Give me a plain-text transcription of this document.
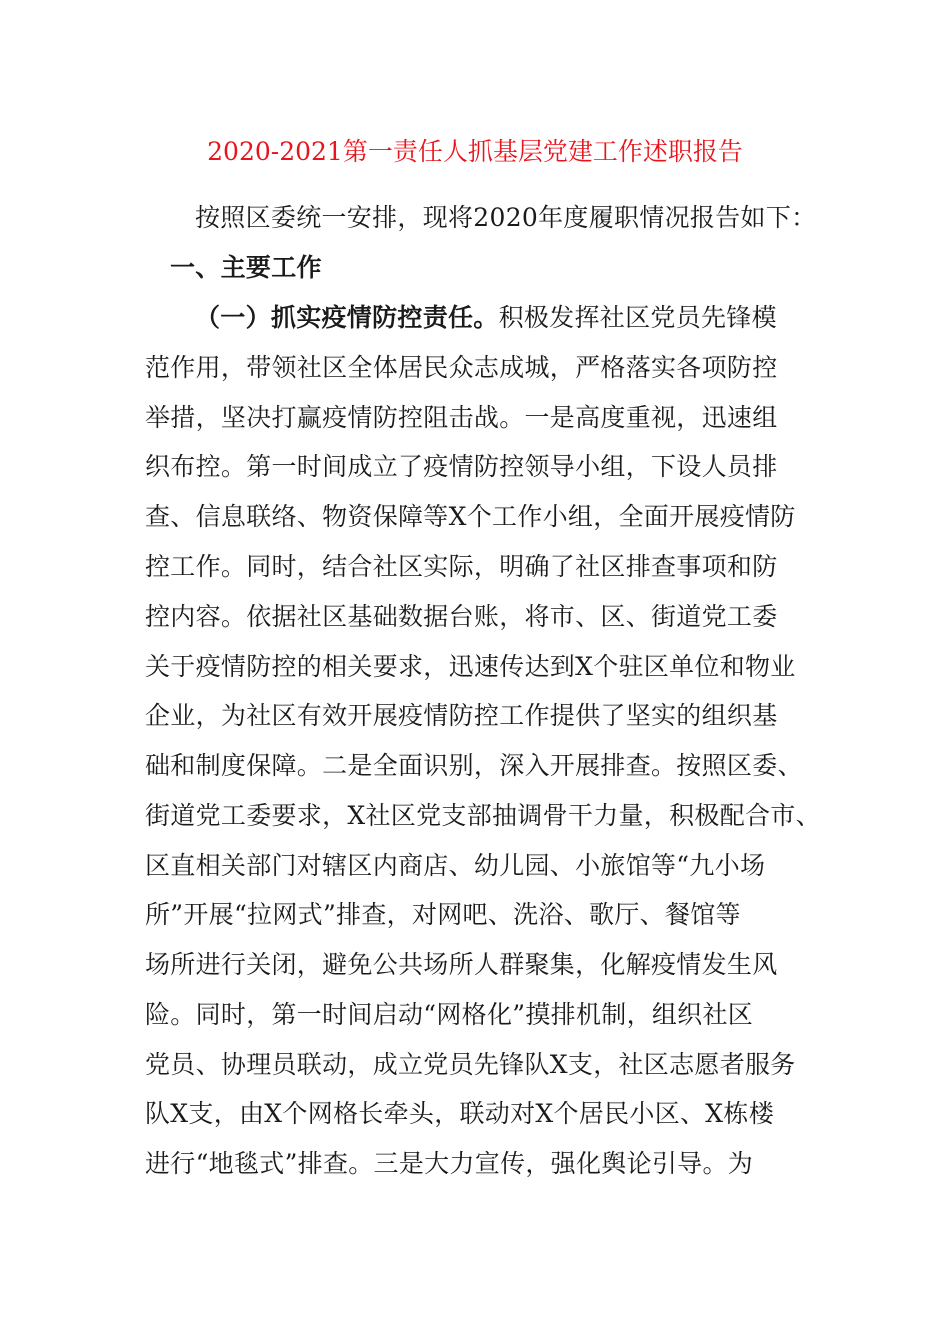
2020-2021第一责任人抓基层党建工作述职报告
按照区委统一安排，现将2020年度履职情况报告如下：
一、主要工作
（一）抓实疫情防控责任。积极发挥社区党员先锋模
范作用，带领社区全体居民众志成城，严格落实各项防控
举措，坚决打赢疫情防控阻击战。一是高度重视，迅速组
织布控。第一时间成立了疫情防控领导小组，下设人员排
查、信息联络、物资保障等X个工作小组，全面开展疫情防
控工作。同时，结合社区实际，明确了社区排查事项和防
控内容。依据社区基础数据台账，将市、区、街道党工委
关于疫情防控的相关要求，迅速传达到X个驻区单位和物业
企业，为社区有效开展疫情防控工作提供了坚实的组织基
础和制度保障。二是全面识别，深入开展排查。按照区委、
街道党工委要求，X社区党支部抽调骨干力量，积极配合市、
区直相关部门对辖区内商店、幼儿园、小旅馆等“九小场
所”开展“拉网式”排查，对网吧、洗浴、歌厅、餐馆等
场所进行关闭，避免公共场所人群聚集，化解疫情发生风
险。同时，第一时间启动“网格化”摸排机制，组织社区
党员、协理员联动，成立党员先锋队X支，社区志愿者服务
队X支，由X个网格长牵头，联动对X个居民小区、X栋楼
进行“地毯式”排查。三是大力宣传，强化舆论引导。为
